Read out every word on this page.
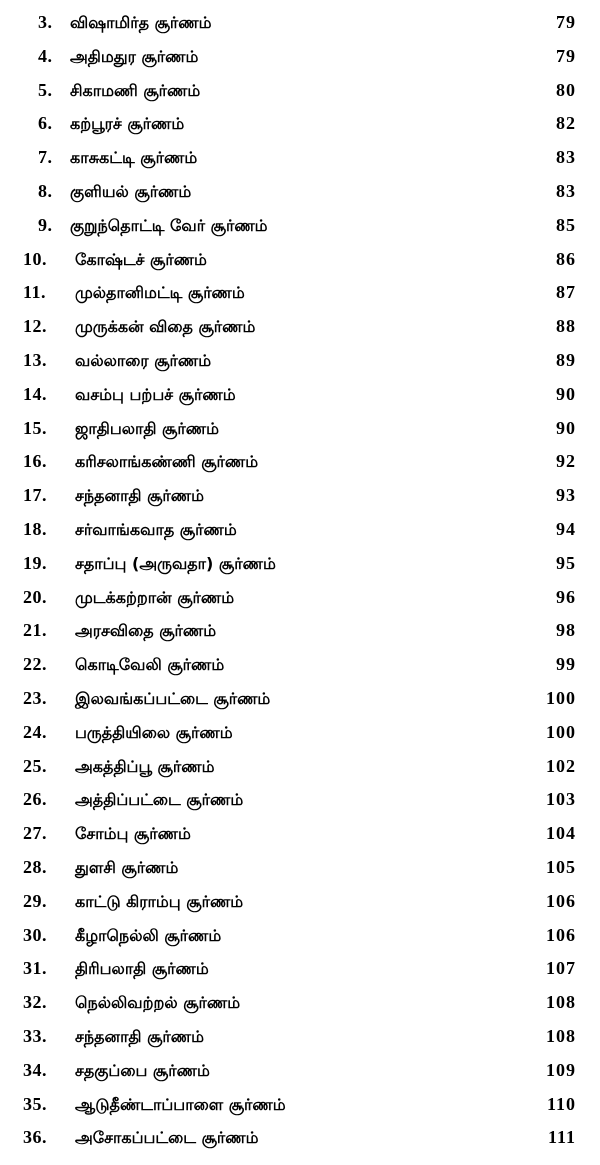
3. விஷாமிர்த சூர்ணம்	79
4. அதிமதுர சூர்ணம்	79
5. சிகாமணி சூர்ணம்	80
6. கற்பூரச் சூர்ணம்	82
7. காசுகட்டி சூர்ணம்	83
8. குளியல் சூர்ணம்	83
9. குறுந்தொட்டி வேர் சூர்ணம்	85
10. கோஷ்டச் சூர்ணம்	86
11. முல்தானிமட்டி சூர்ணம்	87
12. முருக்கன் விதை சூர்ணம்	88
13. வல்லாரை சூர்ணம்	89
14. வசம்பு பற்பச் சூர்ணம்	90
15. ஜாதிபலாதி சூர்ணம்	90
16. கரிசலாங்கண்ணி சூர்ணம்	92
17. சந்தனாதி சூர்ணம்	93
18. சர்வாங்கவாத சூர்ணம்	94
19. சதாப்பு (அருவதா) சூர்ணம்	95
20. முடக்கற்றான் சூர்ணம்	96
21. அரசவிதை சூர்ணம்	98
22. கொடிவேலி சூர்ணம்	99
23. இலவங்கப்பட்டை சூர்ணம்	100
24. பருத்தியிலை சூர்ணம்	100
25. அகத்திப்பூ சூர்ணம்	102
26. அத்திப்பட்டை சூர்ணம்	103
27. சோம்பு சூர்ணம்	104
28. துளசி சூர்ணம்	105
29. காட்டு கிராம்பு சூர்ணம்	106
30. கீழாநெல்லி சூர்ணம்	106
31. திரிபலாதி சூர்ணம்	107
32. நெல்லிவற்றல் சூர்ணம்	108
33. சந்தனாதி சூர்ணம்	108
34. சதகுப்பை சூர்ணம்	109
35. ஆடுதீண்டாப்பாளை சூர்ணம்	110
36. அசோகப்பட்டை சூர்ணம்	111
